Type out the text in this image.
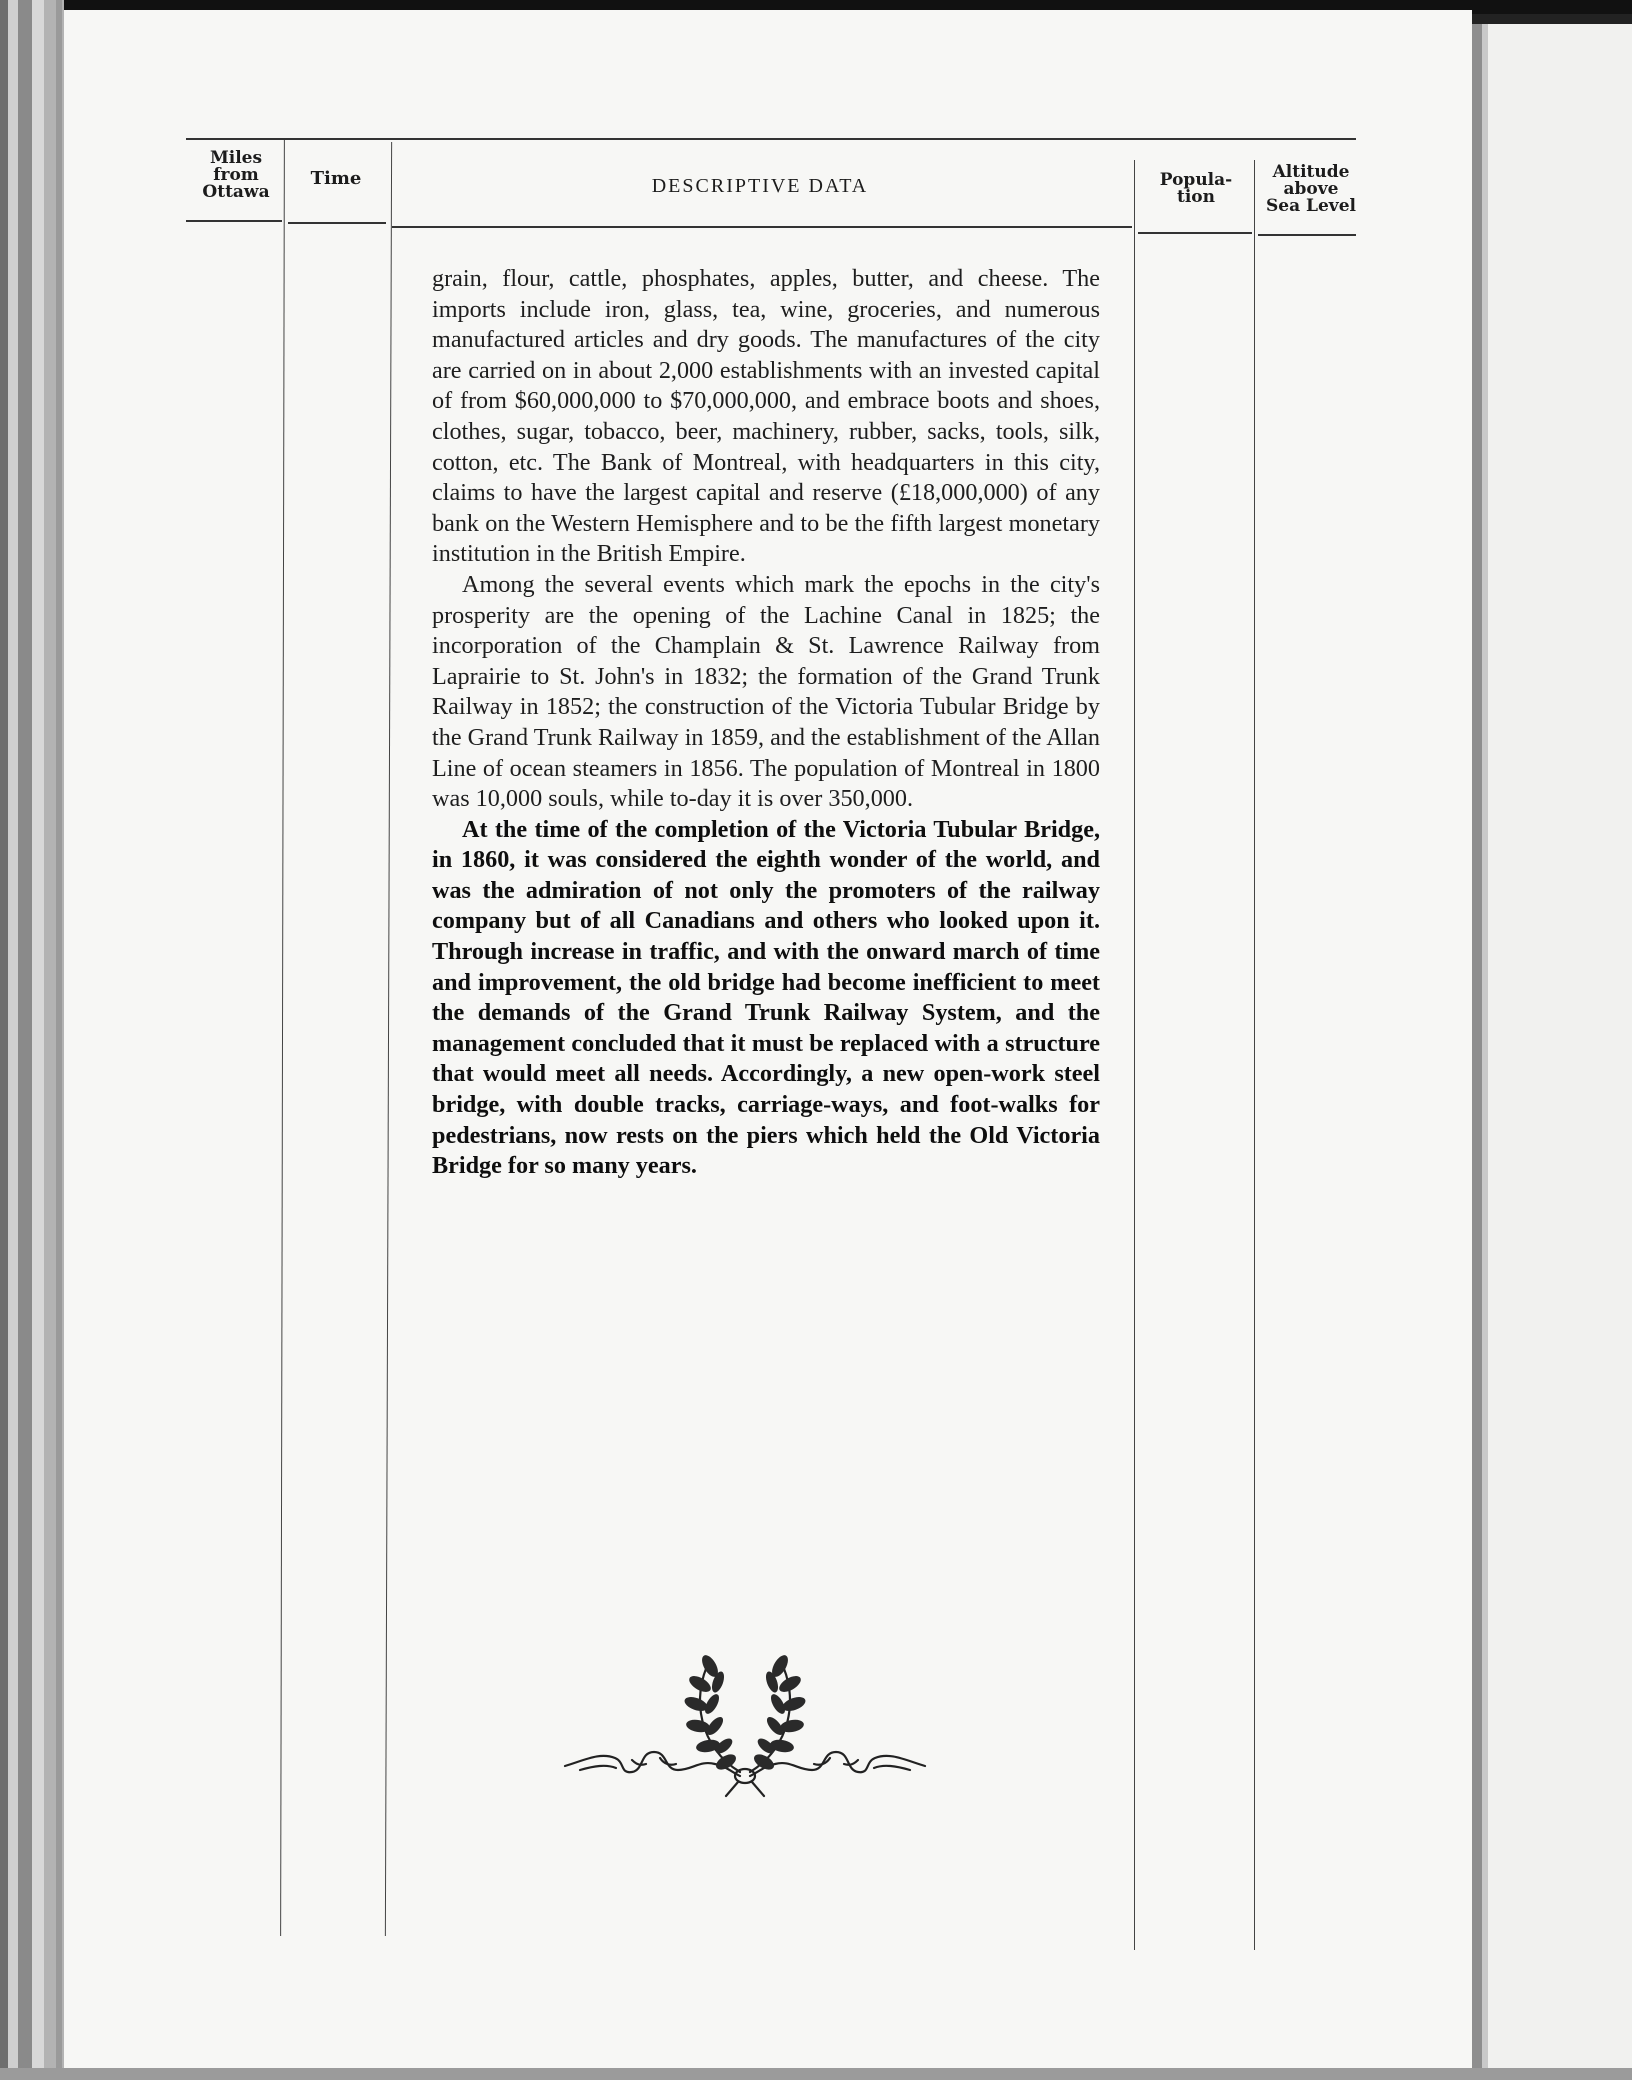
Miles
from
Ottawa
Time	DESCRIPTIVE DATA	Popula-
tion
Altitude
above
Sea Level

grain, flour, cattle, phosphates, apples, butter, and cheese. The imports include iron, glass, tea, wine, groceries, and numerous manufactured articles and dry goods. The manufactures of the city are carried on in about 2,000 establishments with an invested capital of from $60,000,000 to $70,000,000, and embrace boots and shoes, clothes, sugar, tobacco, beer, machinery, rubber, sacks, tools, silk, cotton, etc. The Bank of Montreal, with headquarters in this city, claims to have the largest capital and reserve (£18,000,000) of any bank on the Western Hemisphere and to be the fifth largest monetary institution in the British Empire.

Among the several events which mark the epochs in the city's prosperity are the opening of the Lachine Canal in 1825; the incorporation of the Champlain & St. Lawrence Railway from Laprairie to St. John's in 1832; the formation of the Grand Trunk Railway in 1852; the construction of the Victoria Tubular Bridge by the Grand Trunk Railway in 1859, and the establishment of the Allan Line of ocean steamers in 1856. The population of Montreal in 1800 was 10,000 souls, while to-day it is over 350,000.

At the time of the completion of the Victoria Tubular Bridge, in 1860, it was considered the eighth wonder of the world, and was the admiration of not only the promoters of the railway company but of all Canadians and others who looked upon it. Through increase in traffic, and with the onward march of time and improvement, the old bridge had become inefficient to meet the demands of the Grand Trunk Railway System, and the management concluded that it must be replaced with a structure that would meet all needs. Accordingly, a new open-work steel bridge, with double tracks, carriage-ways, and foot-walks for pedestrians, now rests on the piers which held the Old Victoria Bridge for so many years.
